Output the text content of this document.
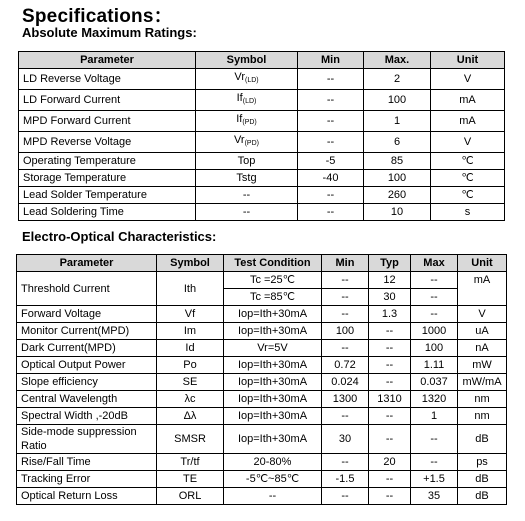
Specifications：
Absolute Maximum Ratings:
Parameter	Symbol	Min	Max.	Unit
LD Reverse Voltage	$Vr_{(LD)}$	--	2	V
LD Forward Current	$If_{(LD)}$	--	100	mA
MPD Forward Current	$If_{(PD)}$	--	1	mA
MPD Reverse Voltage	$Vr_{(PD)}$	--	6	V
Operating Temperature	Top	-5	85	℃
Storage Temperature	Tstg	-40	100	℃
Lead Solder Temperature	--	--	260	℃
Lead Soldering Time	--	--	10	s
Electro-Optical Characteristics:
Parameter	Symbol	Test Condition	Min	Typ	Max	Unit
Threshold Current	Ith	Tc =25℃	--	12	--	mA
		Tc =85℃	--	30	--	
Forward Voltage	Vf	Iop=Ith+30mA	--	1.3	--	V
Monitor Current(MPD)	Im	Iop=Ith+30mA	100	--	1000	uA
Dark Current(MPD)	Id	Vr=5V	--	--	100	nA
Optical Output Power	Po	Iop=Ith+30mA	0.72	--	1.11	mW
Slope efficiency	SE	Iop=Ith+30mA	0.024	--	0.037	mW/mA
Central Wavelength	λc	Iop=Ith+30mA	1300	1310	1320	nm
Spectral Width ,-20dB	Δλ	Iop=Ith+30mA	--	--	1	nm
Side-mode suppression Ratio	SMSR	Iop=Ith+30mA	30	--	--	dB
Rise/Fall Time	Tr/tf	20-80%	--	20	--	ps
Tracking Error	TE	-5℃~85℃	-1.5	--	+1.5	dB
Optical Return Loss	ORL	--	--	--	35	dB
